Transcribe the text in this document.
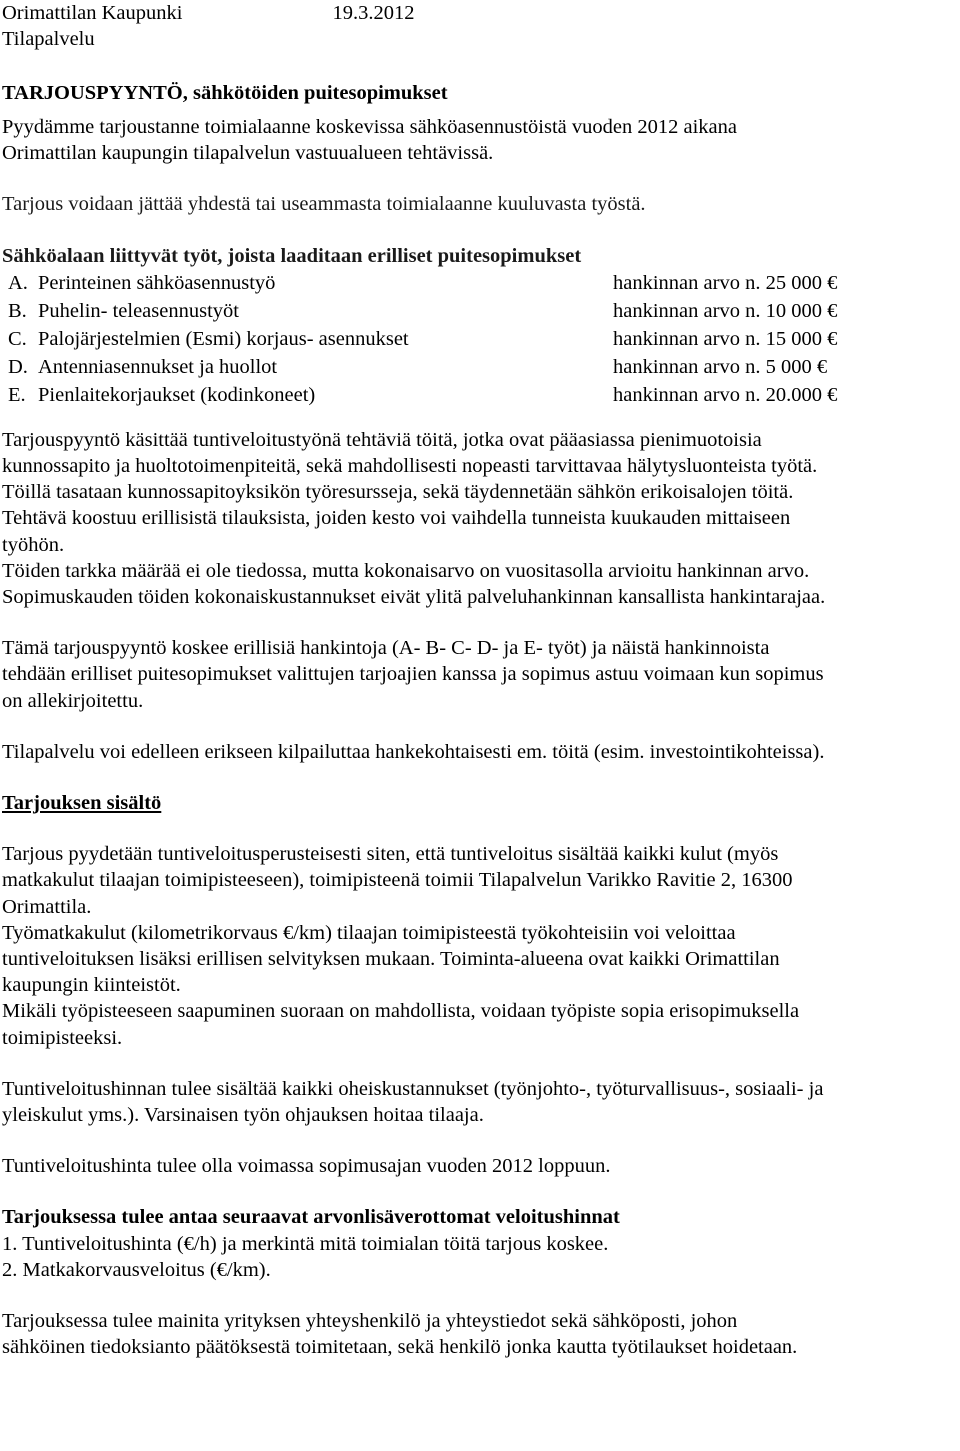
Orimattilan Kaupunki	19.3.2012
Tilapalvelu
TARJOUSPYYNTÖ, sähkötöiden puitesopimukset

Pyydämme tarjoustanne toimialaanne koskevissa sähköasennustöistä vuoden 2012 aikana

Orimattilan kaupungin tilapalvelun vastuualueen tehtävissä.

Tarjous voidaan jättää yhdestä tai useammasta toimialaanne kuuluvasta työstä.

Sähköalaan liittyvät työt, joista laaditaan erilliset puitesopimukset

A. Perinteinen sähköasennustyö	hankinnan arvo n. 25 000 €
B. Puhelin- teleasennustyöt	hankinnan arvo n. 10 000 €
C. Palojärjestelmien (Esmi) korjaus- asennukset	hankinnan arvo n. 15 000 €
D. Antenniasennukset ja huollot	hankinnan arvo n. 5 000 €
E. Pienlaitekorjaukset (kodinkoneet)	hankinnan arvo n. 20.000 €

Tarjouspyyntö käsittää tuntiveloitustyönä tehtäviä töitä, jotka ovat pääasiassa pienimuotoisia

kunnossapito ja huoltotoimenpiteitä, sekä mahdollisesti nopeasti tarvittavaa hälytysluonteista työtä.

Töillä tasataan kunnossapitoyksikön työresursseja, sekä täydennetään sähkön erikoisalojen töitä.

Tehtävä koostuu erillisistä tilauksista, joiden kesto voi vaihdella tunneista kuukauden mittaiseen

työhön.

Töiden tarkka määrää ei ole tiedossa, mutta kokonaisarvo on vuositasolla arvioitu hankinnan arvo.

Sopimuskauden töiden kokonaiskustannukset eivät ylitä palveluhankinnan kansallista hankintarajaa.

Tämä tarjouspyyntö koskee erillisiä hankintoja (A- B- C- D- ja E- työt) ja näistä hankinnoista

tehdään erilliset puitesopimukset valittujen tarjoajien kanssa ja sopimus astuu voimaan kun sopimus

on allekirjoitettu.

Tilapalvelu voi edelleen erikseen kilpailuttaa hankekohtaisesti em. töitä (esim. investointikohteissa).

Tarjouksen sisältö

Tarjous pyydetään tuntiveloitusperusteisesti siten, että tuntiveloitus sisältää kaikki kulut (myös

matkakulut tilaajan toimipisteeseen), toimipisteenä toimii Tilapalvelun Varikko Ravitie 2, 16300

Orimattila.

Työmatkakulut (kilometrikorvaus €/km) tilaajan toimipisteestä työkohteisiin voi veloittaa

tuntiveloituksen lisäksi erillisen selvityksen mukaan. Toiminta-alueena ovat kaikki Orimattilan

kaupungin kiinteistöt.

Mikäli työpisteeseen saapuminen suoraan on mahdollista, voidaan työpiste sopia erisopimuksella

toimipisteeksi.

Tuntiveloitushinnan tulee sisältää kaikki oheiskustannukset (työnjohto-, työturvallisuus-, sosiaali- ja

yleiskulut yms.). Varsinaisen työn ohjauksen hoitaa tilaaja.

Tuntiveloitushinta tulee olla voimassa sopimusajan vuoden 2012 loppuun.

Tarjouksessa tulee antaa seuraavat arvonlisäverottomat veloitushinnat

1. Tuntiveloitushinta (€/h) ja merkintä mitä toimialan töitä tarjous koskee.

2. Matkakorvausveloitus (€/km).

Tarjouksessa tulee mainita yrityksen yhteyshenkilö ja yhteystiedot sekä sähköposti, johon

sähköinen tiedoksianto päätöksestä toimitetaan, sekä henkilö jonka kautta työtilaukset hoidetaan.
